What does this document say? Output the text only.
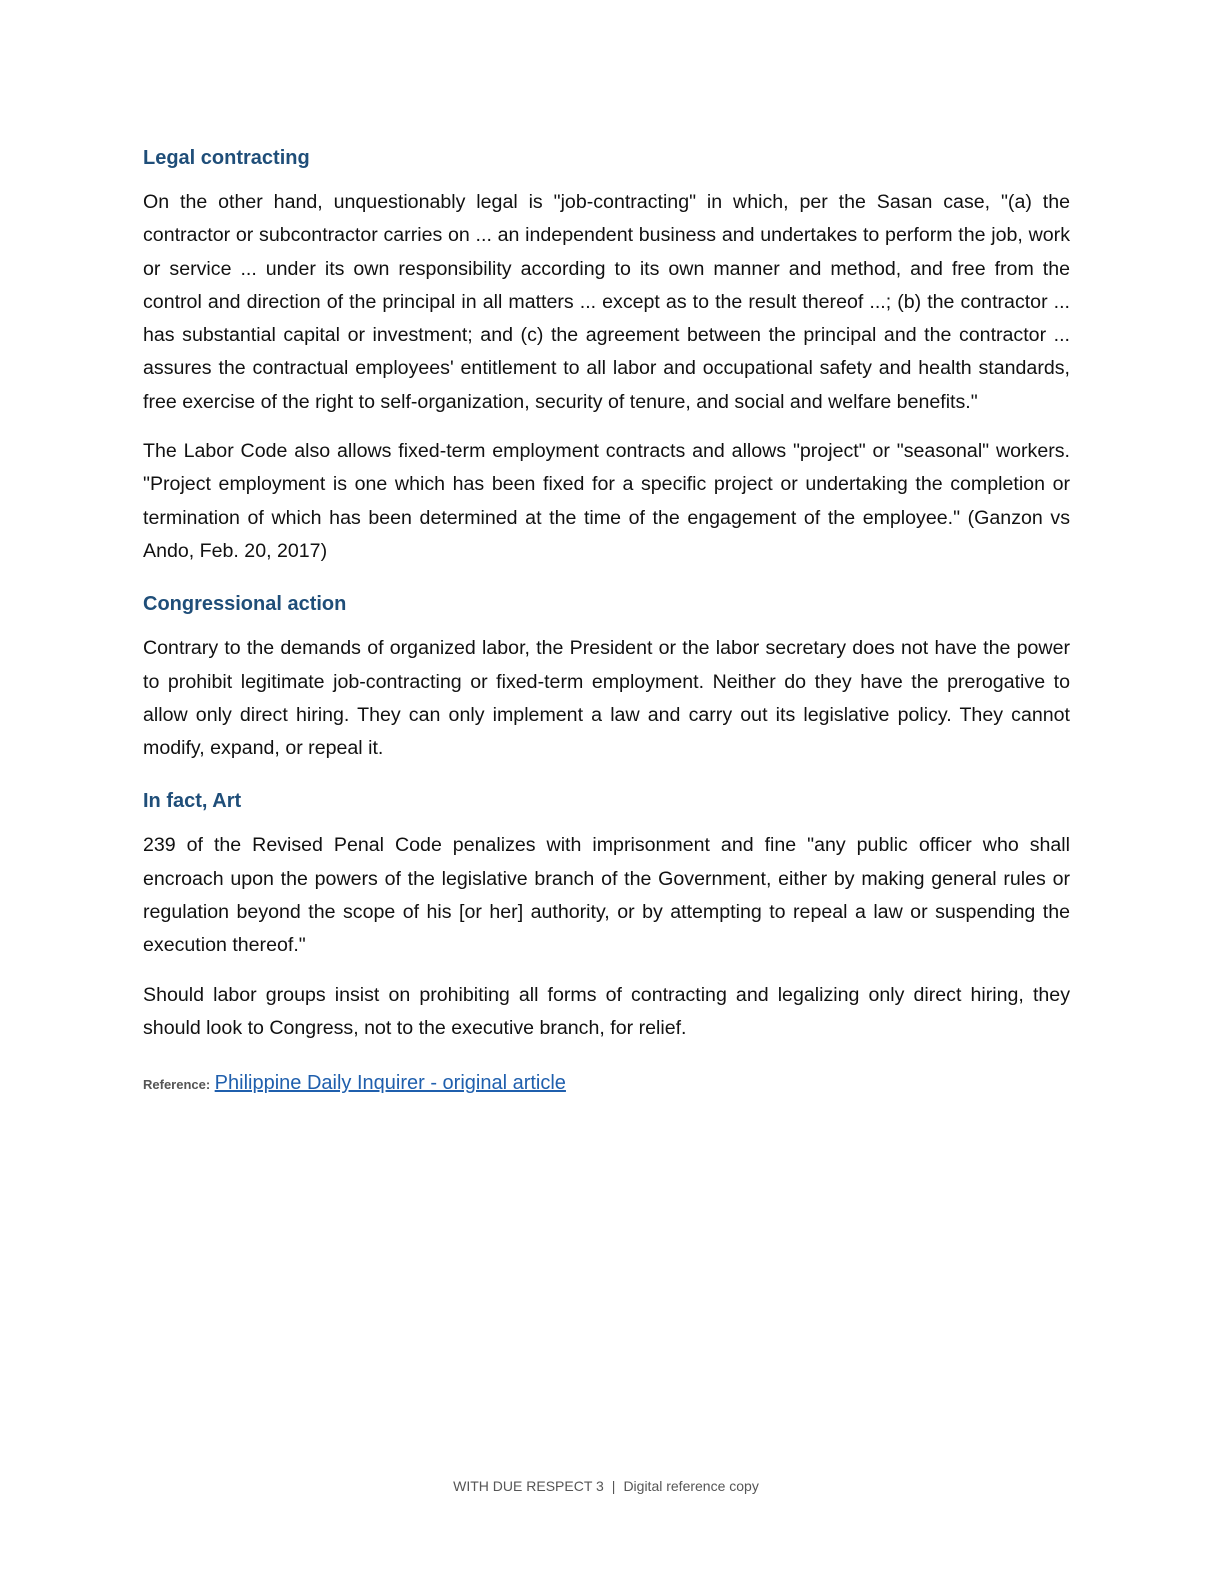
Legal contracting

On the other hand, unquestionably legal is "job-contracting" in which, per the Sasan case, "(a) the contractor or subcontractor carries on ... an independent business and undertakes to perform the job, work or service ... under its own responsibility according to its own manner and method, and free from the control and direction of the principal in all matters ... except as to the result thereof ...; (b) the contractor ... has substantial capital or investment; and (c) the agreement between the principal and the contractor ... assures the contractual employees' entitlement to all labor and occupational safety and health standards, free exercise of the right to self-organization, security of tenure, and social and welfare benefits."

The Labor Code also allows fixed-term employment contracts and allows "project" or "seasonal" workers. "Project employment is one which has been fixed for a specific project or undertaking the completion or termination of which has been determined at the time of the engagement of the employee." (Ganzon vs Ando, Feb. 20, 2017)

Congressional action

Contrary to the demands of organized labor, the President or the labor secretary does not have the power to prohibit legitimate job-contracting or fixed-term employment. Neither do they have the prerogative to allow only direct hiring. They can only implement a law and carry out its legislative policy. They cannot modify, expand, or repeal it.

In fact, Art

239 of the Revised Penal Code penalizes with imprisonment and fine "any public officer who shall encroach upon the powers of the legislative branch of the Government, either by making general rules or regulation beyond the scope of his [or her] authority, or by attempting to repeal a law or suspending the execution thereof."

Should labor groups insist on prohibiting all forms of contracting and legalizing only direct hiring, they should look to Congress, not to the executive branch, for relief.

Reference: Philippine Daily Inquirer - original article
WITH DUE RESPECT 3 | Digital reference copy
